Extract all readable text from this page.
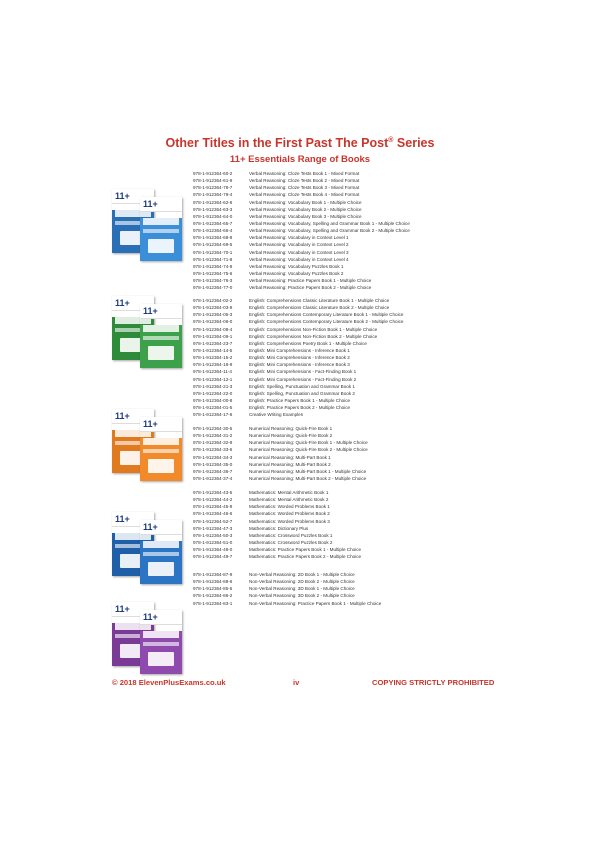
Other Titles in the First Past The Post® Series
11+ Essentials Range of Books
11+
11+
11+
11+
11+
11+
11+
11+
11+
11+
978-1-912364-60-2	Verbal Reasoning: Cloze Tests Book 1 - Mixed Format
978-1-912364-61-9	Verbal Reasoning: Cloze Tests Book 2 - Mixed Format
978-1-912364-78-7	Verbal Reasoning: Cloze Tests Book 3 - Mixed Format
978-1-912364-79-4	Verbal Reasoning: Cloze Tests Book 4 - Mixed Format
978-1-912364-62-6	Verbal Reasoning: Vocabulary Book 1 - Multiple Choice
978-1-912364-63-3	Verbal Reasoning: Vocabulary Book 2 - Multiple Choice
978-1-912364-64-0	Verbal Reasoning: Vocabulary Book 3 - Multiple Choice
978-1-912364-65-7	Verbal Reasoning: Vocabulary, Spelling and Grammar Book 1 - Multiple Choice
978-1-912364-66-4	Verbal Reasoning: Vocabulary, Spelling and Grammar Book 2 - Multiple Choice
978-1-912364-68-8	Verbal Reasoning: Vocabulary in Context Level 1
978-1-912364-69-5	Verbal Reasoning: Vocabulary in Context Level 2
978-1-912364-70-1	Verbal Reasoning: Vocabulary in Context Level 3
978-1-912364-71-8	Verbal Reasoning: Vocabulary in Context Level 4
978-1-912364-74-9	Verbal Reasoning: Vocabulary Puzzles Book 1
978-1-912364-75-6	Verbal Reasoning: Vocabulary Puzzles Book 2
978-1-912364-76-3	Verbal Reasoning: Practice Papers Book 1 - Multiple Choice
978-1-912364-77-0	Verbal Reasoning: Practice Papers Book 2 - Multiple Choice
978-1-912364-02-2	English: Comprehensions Classic Literature Book 1 - Multiple Choice
978-1-912364-03-9	English: Comprehensions Classic Literature Book 2 - Multiple Choice
978-1-912364-05-3	English: Comprehensions Contemporary Literature Book 1 - Multiple Choice
978-1-912364-06-0	English: Comprehensions Contemporary Literature Book 2 - Multiple Choice
978-1-912364-08-4	English: Comprehensions Non-Fiction Book 1 - Multiple Choice
978-1-912364-09-1	English: Comprehensions Non-Fiction Book 2 - Multiple Choice
978-1-912364-23-7	English: Comprehensions Poetry Book 1 - Multiple Choice
978-1-912364-14-5	English: Mini Comprehensions - Inference Book 1
978-1-912364-15-2	English: Mini Comprehensions - Inference Book 2
978-1-912364-16-9	English: Mini Comprehensions - Inference Book 3
978-1-912364-11-4	English: Mini Comprehensions - Fact-Finding Book 1
978-1-912364-12-1	English: Mini Comprehensions - Fact-Finding Book 2
978-1-912364-21-3	English: Spelling, Punctuation and Grammar Book 1
978-1-912364-22-0	English: Spelling, Punctuation and Grammar Book 2
978-1-912364-00-8	English: Practice Papers Book 1 - Multiple Choice
978-1-912364-01-5	English: Practice Papers Book 2 - Multiple Choice
978-1-912364-17-6	Creative Writing Examples
978-1-912364-30-5	Numerical Reasoning: Quick-Fire Book 1
978-1-912364-31-2	Numerical Reasoning: Quick-Fire Book 2
978-1-912364-32-9	Numerical Reasoning: Quick-Fire Book 1 - Multiple Choice
978-1-912364-33-6	Numerical Reasoning: Quick-Fire Book 2 - Multiple Choice
978-1-912364-34-3	Numerical Reasoning: Multi-Part Book 1
978-1-912364-35-0	Numerical Reasoning: Multi-Part Book 2
978-1-912364-36-7	Numerical Reasoning: Multi-Part Book 1 - Multiple Choice
978-1-912364-37-4	Numerical Reasoning: Multi-Part Book 2 - Multiple Choice
978-1-912364-43-5	Mathematics: Mental Arithmetic Book 1
978-1-912364-44-2	Mathematics: Mental Arithmetic Book 2
978-1-912364-45-9	Mathematics: Worded Problems Book 1
978-1-912364-46-6	Mathematics: Worded Problems Book 2
978-1-912364-52-7	Mathematics: Worded Problems Book 3
978-1-912364-47-3	Mathematics: Dictionary Plus
978-1-912364-50-3	Mathematics: Crossword Puzzles Book 1
978-1-912364-51-0	Mathematics: Crossword Puzzles Book 2
978-1-912364-48-0	Mathematics: Practice Papers Book 1 - Multiple Choice
978-1-912364-49-7	Mathematics: Practice Papers Book 2 - Multiple Choice
978-1-912364-87-9	Non-Verbal Reasoning: 2D Book 1 - Multiple Choice
978-1-912364-88-6	Non-Verbal Reasoning: 2D Book 2 - Multiple Choice
978-1-912364-85-5	Non-Verbal Reasoning: 3D Book 1 - Multiple Choice
978-1-912364-86-2	Non-Verbal Reasoning: 3D Book 2 - Multiple Choice
978-1-912364-83-1	Non-Verbal Reasoning: Practice Papers Book 1 - Multiple Choice
© 2018 ElevenPlusExams.co.uk	iv	COPYING STRICTLY PROHIBITED
